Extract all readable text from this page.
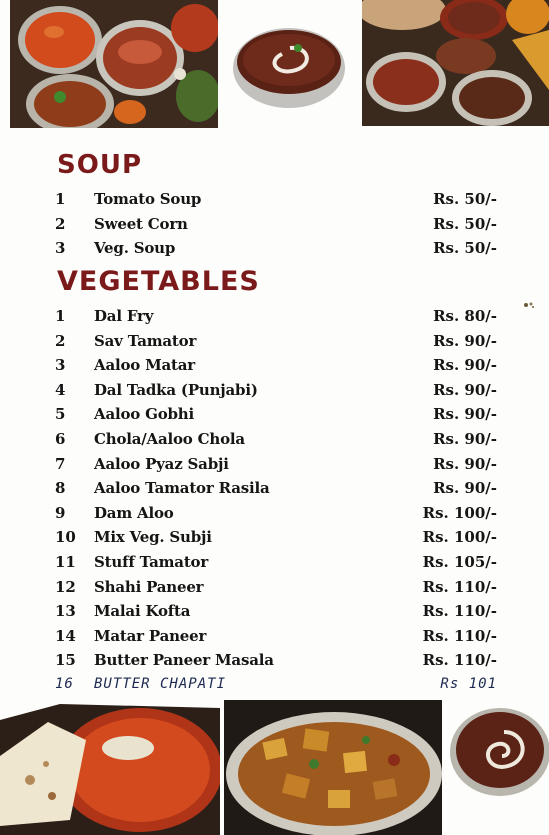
SOUP
1	Tomato Soup	Rs. 50/-
2	Sweet Corn	Rs. 50/-
3	Veg. Soup	Rs. 50/-
VEGETABLES
1	Dal Fry	Rs. 80/-
2	Sav Tamator	Rs. 90/-
3	Aaloo Matar	Rs. 90/-
4	Dal Tadka (Punjabi)	Rs. 90/-
5	Aaloo Gobhi	Rs. 90/-
6	Chola/Aaloo Chola	Rs. 90/-
7	Aaloo Pyaz Sabji	Rs. 90/-
8	Aaloo Tamator Rasila	Rs. 90/-
9	Dam Aloo	Rs. 100/-
10	Mix Veg. Subji	Rs. 100/-
11	Stuff Tamator	Rs. 105/-
12	Shahi Paneer	Rs. 110/-
13	Malai Kofta	Rs. 110/-
14	Matar Paneer	Rs. 110/-
15	Butter Paneer Masala	Rs. 110/-
16	BUTTER CHAPATI	Rs 101
